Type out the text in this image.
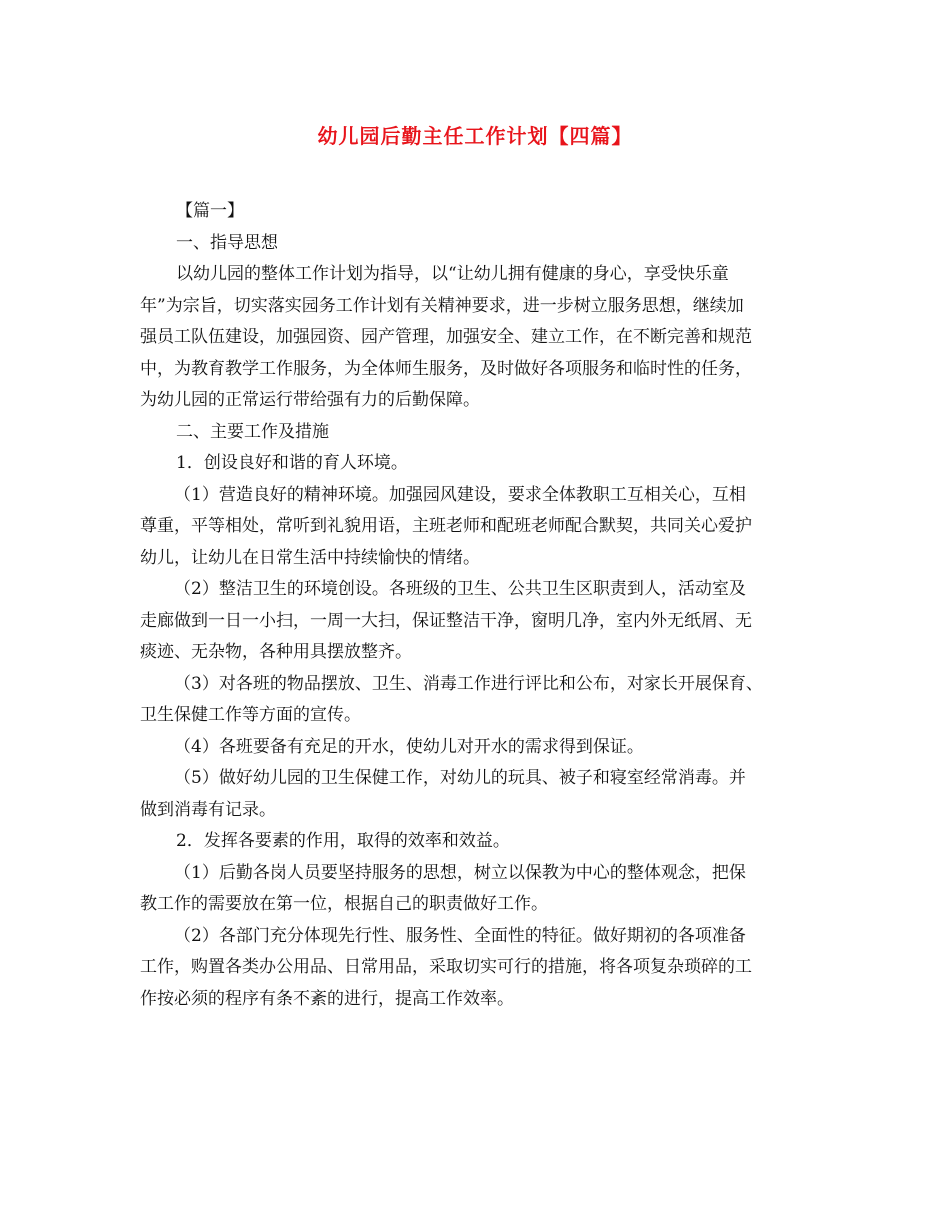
幼儿园后勤主任工作计划【四篇】
【篇一】
一、指导思想
以幼儿园的整体工作计划为指导，以“让幼儿拥有健康的身心，享受快乐童
年”为宗旨，切实落实园务工作计划有关精神要求，进一步树立服务思想，继续加
强员工队伍建设，加强园资、园产管理，加强安全、建立工作，在不断完善和规范
中，为教育教学工作服务，为全体师生服务，及时做好各项服务和临时性的任务，
为幼儿园的正常运行带给强有力的后勤保障。
二、主要工作及措施
1．创设良好和谐的育人环境。
（1）营造良好的精神环境。加强园风建设，要求全体教职工互相关心，互相
尊重，平等相处，常听到礼貌用语，主班老师和配班老师配合默契，共同关心爱护
幼儿，让幼儿在日常生活中持续愉快的情绪。
（2）整洁卫生的环境创设。各班级的卫生、公共卫生区职责到人，活动室及
走廊做到一日一小扫，一周一大扫，保证整洁干净，窗明几净，室内外无纸屑、无
痰迹、无杂物，各种用具摆放整齐。
（3）对各班的物品摆放、卫生、消毒工作进行评比和公布，对家长开展保育、
卫生保健工作等方面的宣传。
（4）各班要备有充足的开水，使幼儿对开水的需求得到保证。
（5）做好幼儿园的卫生保健工作，对幼儿的玩具、被子和寝室经常消毒。并
做到消毒有记录。
2．发挥各要素的作用，取得的效率和效益。
（1）后勤各岗人员要坚持服务的思想，树立以保教为中心的整体观念，把保
教工作的需要放在第一位，根据自己的职责做好工作。
（2）各部门充分体现先行性、服务性、全面性的特征。做好期初的各项准备
工作，购置各类办公用品、日常用品，采取切实可行的措施，将各项复杂琐碎的工
作按必须的程序有条不紊的进行，提高工作效率。
